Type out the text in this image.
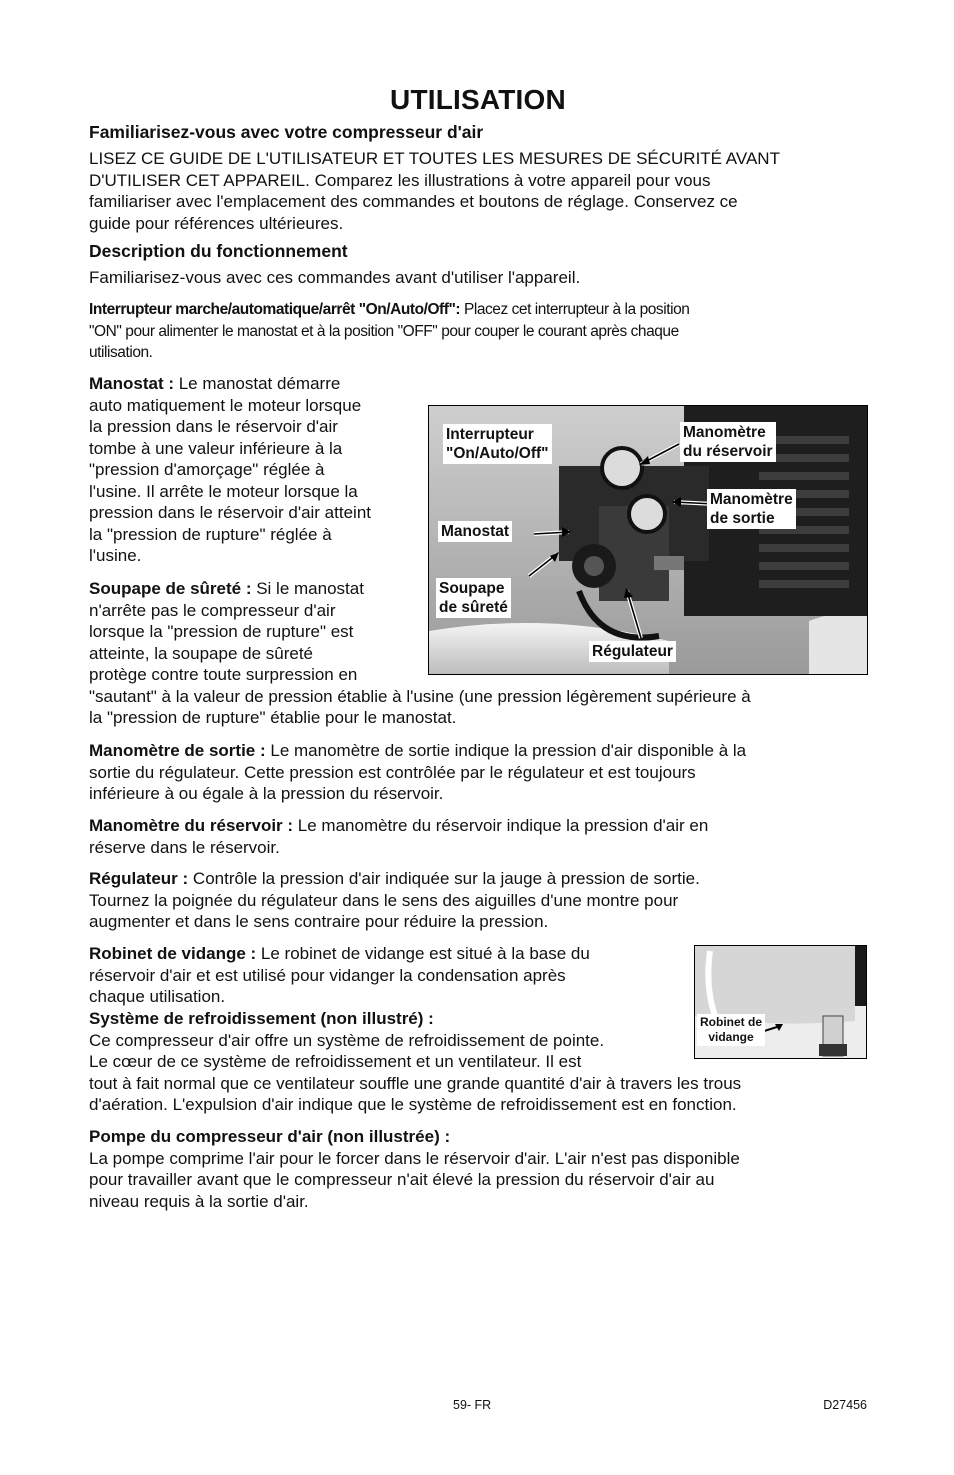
UTILISATION
Familiarisez-vous avec votre compresseur d'air

LISEZ CE GUIDE DE L'UTILISATEUR ET TOUTES LES MESURES DE SÉCURITÉ AVANT

D'UTILISER CET APPAREIL. Comparez les illustrations à votre appareil pour vous

familiariser avec l'emplacement des commandes et boutons de réglage. Conservez ce

guide pour références ultérieures.

Description du fonctionnement

Familiarisez-vous avec ces commandes avant d'utiliser l'appareil.

Interrupteur marche/automatique/arrêt "On/Auto/Off": Placez cet interrupteur à la position

"ON" pour alimenter le manostat et à la position "OFF" pour couper le courant après chaque

utilisation.

Manostat : Le manostat démarre

auto matiquement le moteur lorsque

la pression dans le réservoir d'air

tombe à une valeur inférieure à la

"pression d'amorçage" réglée à

l'usine. Il arrête le moteur lorsque la

pression dans le réservoir d'air atteint

la "pression de rupture" réglée à

l'usine.

Soupape de sûreté : Si le manostat

n'arrête pas le compresseur d'air

lorsque la "pression de rupture" est

atteinte, la soupape de sûreté

protège contre toute surpression en

"sautant" à la valeur de pression établie à l'usine (une pression légèrement supérieure à

la "pression de rupture" établie pour le manostat.

Interrupteur
"On/Auto/Off"
Manomètre
du réservoir
Manomètre
de sortie
Manostat
Soupape
de sûreté
Régulateur

Manomètre de sortie : Le manomètre de sortie indique la pression d'air disponible à la

sortie du régulateur. Cette pression est contrôlée par le régulateur et est toujours

inférieure à ou égale à la pression du réservoir.

Manomètre du réservoir : Le manomètre du réservoir indique la pression d'air en

réserve dans le réservoir.

Régulateur : Contrôle la pression d'air indiquée sur la jauge à pression de sortie.

Tournez la poignée du régulateur dans le sens des aiguilles d'une montre pour

augmenter et dans le sens contraire pour réduire la pression.

Robinet de vidange : Le robinet de vidange est situé à la base du

réservoir d'air et est utilisé pour vidanger la condensation après

chaque utilisation.

Robinet de
vidange

Système de refroidissement (non illustré) :

Ce compresseur d'air offre un système de refroidissement de pointe.

Le cœur de ce système de refroidissement et un ventilateur. Il est

tout à fait normal que ce ventilateur souffle une grande quantité d'air à travers les trous

d'aération. L'expulsion d'air indique que le système de refroidissement est en fonction.

Pompe du compresseur d'air (non illustrée) :

La pompe comprime l'air pour le forcer dans le réservoir d'air. L'air n'est pas disponible

pour travailler avant que le compresseur n'ait élevé la pression du réservoir d'air au

niveau requis à la sortie d'air.

59- FR	D27456
